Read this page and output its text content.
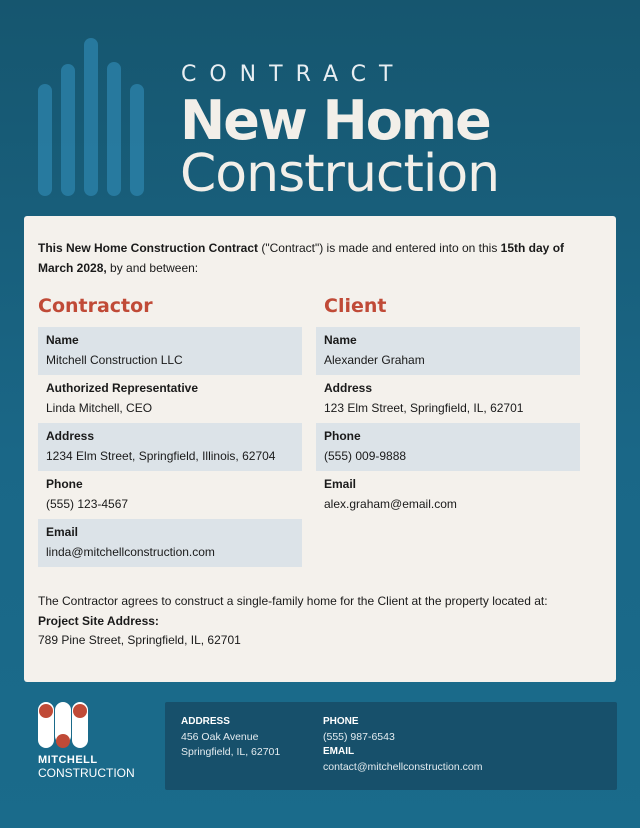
CONTRACT
New Home
Construction

This New Home Construction Contract ("Contract") is made and entered into on this 15th day of March 2028, by and between:

Contractor	Client
Name
Mitchell Construction LLC
Authorized Representative
Linda Mitchell, CEO
Address
1234 Elm Street, Springfield, Illinois, 62704
Phone
(555) 123-4567
Email
linda@mitchellconstruction.com
Name
Alexander Graham
Address
123 Elm Street, Springfield, IL, 62701
Phone
(555) 009-9888
Email
alex.graham@email.com
The Contractor agrees to construct a single-family home for the Client at the property located at:
Project Site Address:
789 Pine Street, Springfield, IL, 62701
MITCHELL
CONSTRUCTION
ADDRESS
456 Oak Avenue
Springfield, IL, 62701
PHONE
(555) 987-6543
EMAIL
contact@mitchellconstruction.com
